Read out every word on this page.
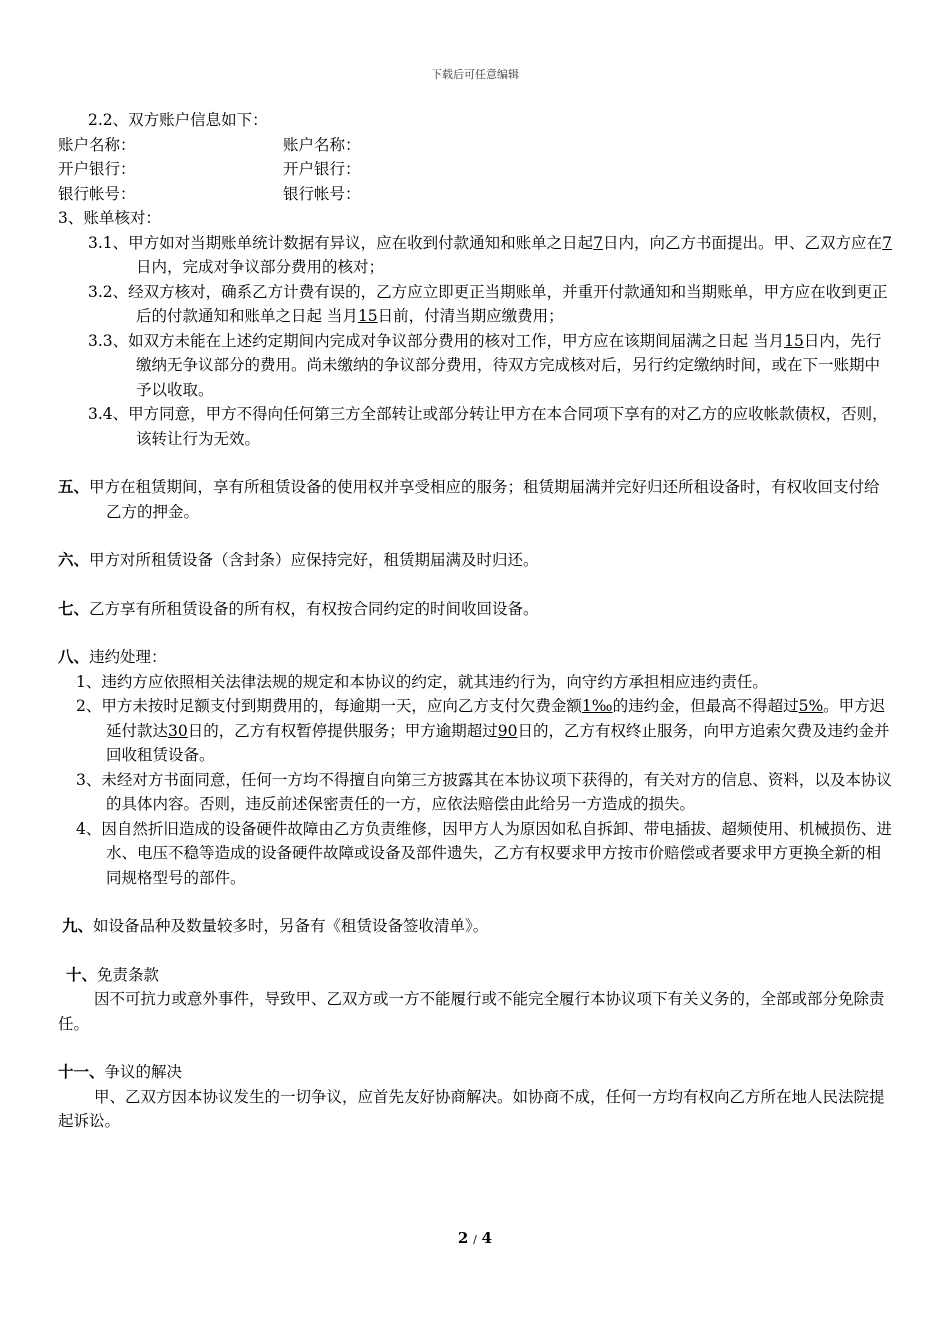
下载后可任意编辑
2.2、双方账户信息如下：
账户名称：	账户名称：
开户银行：	开户银行：
银行帐号：	银行帐号：
3、账单核对：
3.1、甲方如对当期账单统计数据有异议，应在收到付款通知和账单之日起7日内，向乙方书面提出。甲、乙双方应在7日内，完成对争议部分费用的核对；
3.2、经双方核对，确系乙方计费有误的，乙方应立即更正当期账单，并重开付款通知和当期账单，甲方应在收到更正后的付款通知和账单之日起 当月15日前，付清当期应缴费用；
3.3、如双方未能在上述约定期间内完成对争议部分费用的核对工作，甲方应在该期间届满之日起 当月15日内，先行缴纳无争议部分的费用。尚未缴纳的争议部分费用，待双方完成核对后，另行约定缴纳时间，或在下一账期中予以收取。
3.4、甲方同意，甲方不得向任何第三方全部转让或部分转让甲方在本合同项下享有的对乙方的应收帐款债权，否则，该转让行为无效。
五、甲方在租赁期间，享有所租赁设备的使用权并享受相应的服务；租赁期届满并完好归还所租设备时，有权收回支付给乙方的押金。
六、甲方对所租赁设备（含封条）应保持完好，租赁期届满及时归还。
七、乙方享有所租赁设备的所有权，有权按合同约定的时间收回设备。
八、违约处理：
1、违约方应依照相关法律法规的规定和本协议的约定，就其违约行为，向守约方承担相应违约责任。
2、甲方未按时足额支付到期费用的，每逾期一天，应向乙方支付欠费金额1‰的违约金，但最高不得超过5%。甲方迟延付款达30日的，乙方有权暂停提供服务；甲方逾期超过90日的，乙方有权终止服务，向甲方追索欠费及违约金并回收租赁设备。
3、未经对方书面同意，任何一方均不得擅自向第三方披露其在本协议项下获得的，有关对方的信息、资料，以及本协议的具体内容。否则，违反前述保密责任的一方，应依法赔偿由此给另一方造成的损失。
4、因自然折旧造成的设备硬件故障由乙方负责维修，因甲方人为原因如私自拆卸、带电插拔、超频使用、机械损伤、进水、电压不稳等造成的设备硬件故障或设备及部件遗失，乙方有权要求甲方按市价赔偿或者要求甲方更换全新的相同规格型号的部件。
九、如设备品种及数量较多时，另备有《租赁设备签收清单》。
十、免责条款
因不可抗力或意外事件，导致甲、乙双方或一方不能履行或不能完全履行本协议项下有关义务的，全部或部分免除责任。
十一、争议的解决
甲、乙双方因本协议发生的一切争议，应首先友好协商解决。如协商不成，任何一方均有权向乙方所在地人民法院提起诉讼。
2 / 4
